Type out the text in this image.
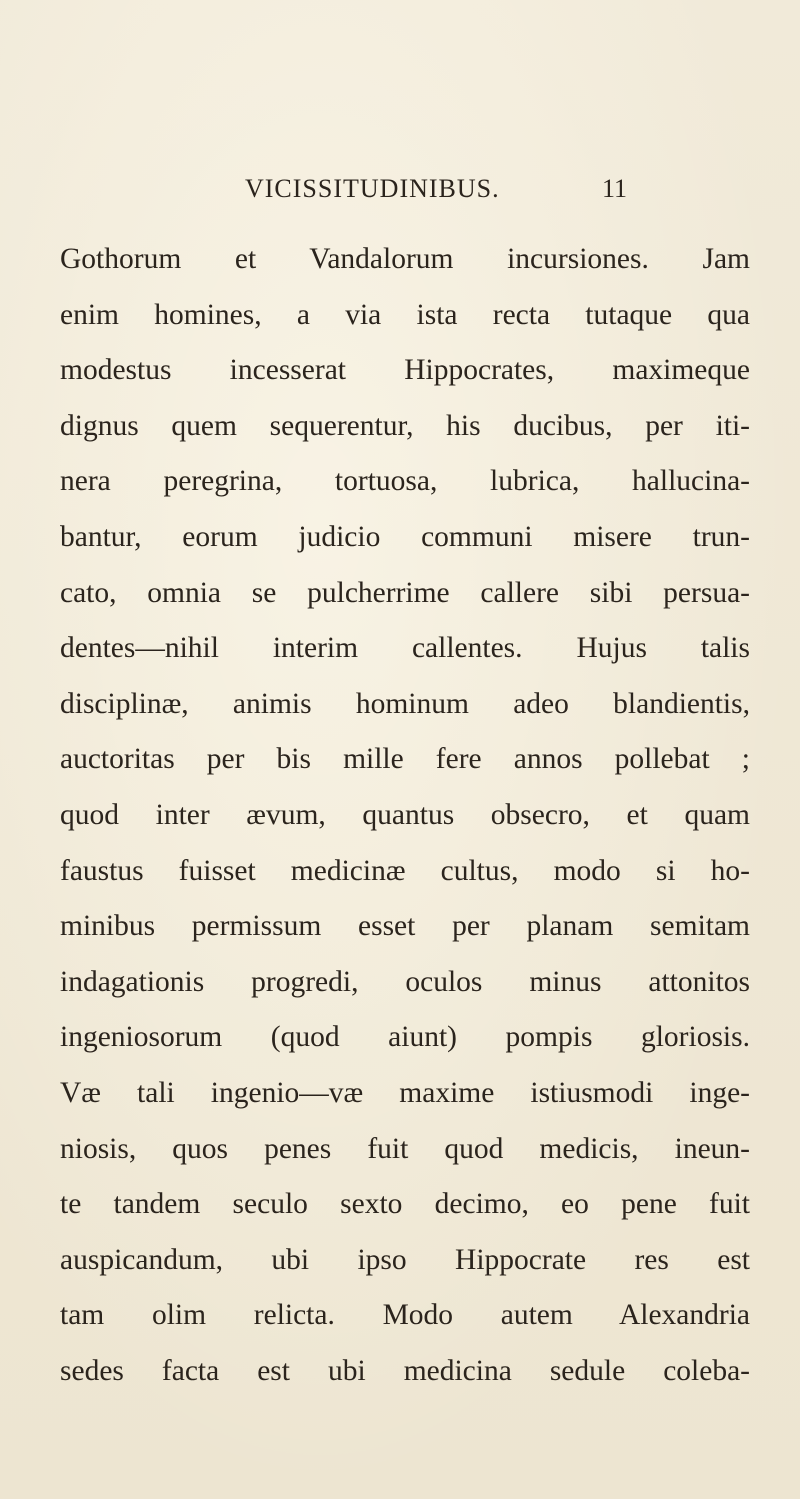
VICISSITUDINIBUS.	11
Gothorum et Vandalorum incursiones. Jam
enim homines, a via ista recta tutaque qua
modestus incesserat Hippocrates, maximeque
dignus quem sequerentur, his ducibus, per iti-
nera peregrina, tortuosa, lubrica, hallucina-
bantur, eorum judicio communi misere trun-
cato, omnia se pulcherrime callere sibi persua-
dentes—nihil interim callentes. Hujus talis
disciplinæ, animis hominum adeo blandientis,
auctoritas per bis mille fere annos pollebat ;
quod inter ævum, quantus obsecro, et quam
faustus fuisset medicinæ cultus, modo si ho-
minibus permissum esset per planam semitam
indagationis progredi, oculos minus attonitos
ingeniosorum (quod aiunt) pompis gloriosis.
Væ tali ingenio—væ maxime istiusmodi inge-
niosis, quos penes fuit quod medicis, ineun-
te tandem seculo sexto decimo, eo pene fuit
auspicandum, ubi ipso Hippocrate res est
tam olim relicta. Modo autem Alexandria
sedes facta est ubi medicina sedule coleba-
